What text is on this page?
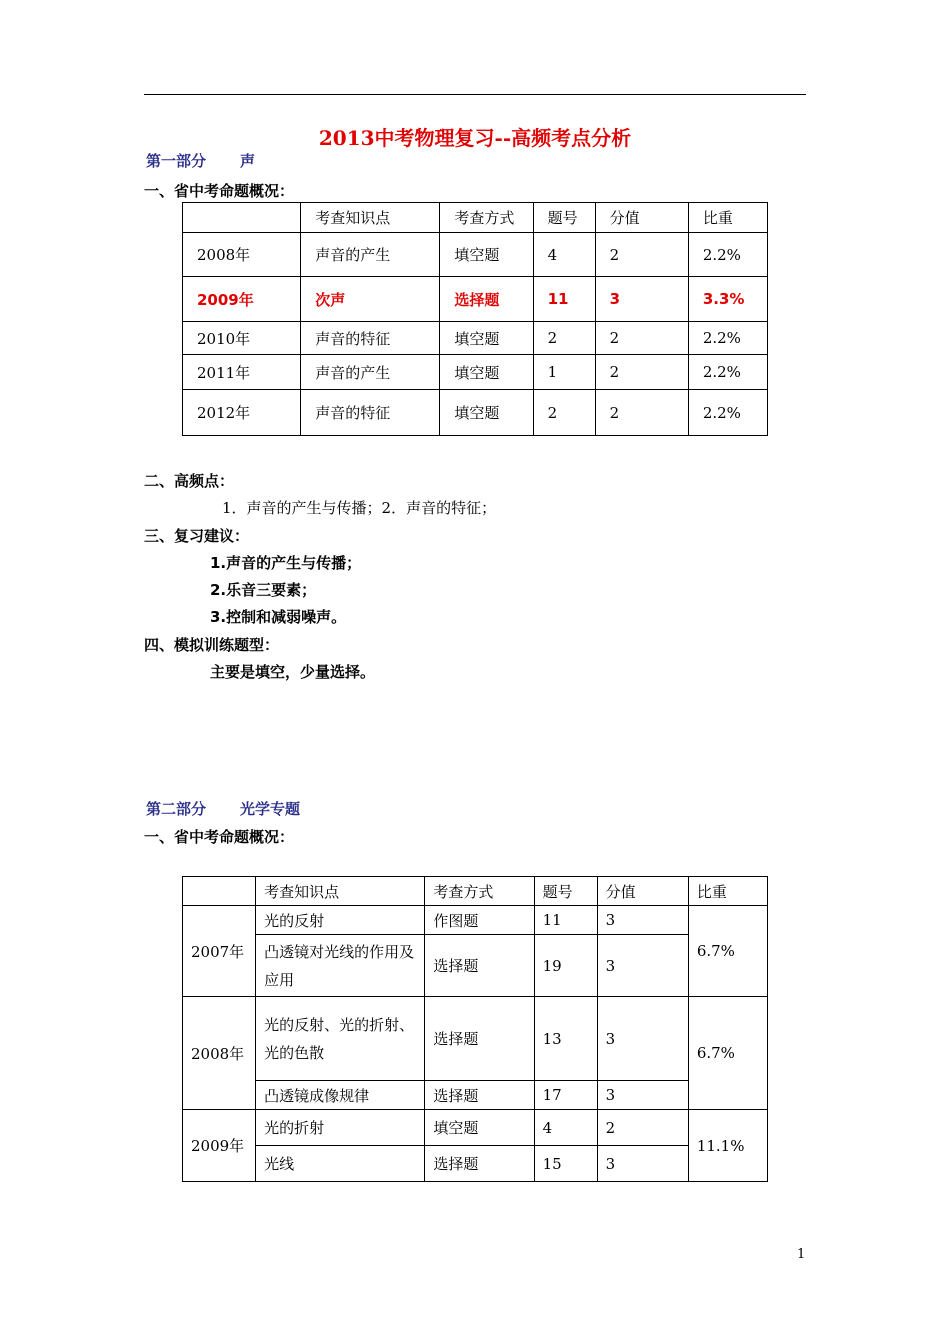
2013中考物理复习--高频考点分析
第一部分 声
一、省中考命题概况：
	考查知识点	考查方式	题号	分值	比重
2008年	声音的产生	填空题	4	2	2.2%
2009年	次声	选择题	11	3	3.3%
2010年	声音的特征	填空题	2	2	2.2%
2011年	声音的产生	填空题	1	2	2.2%
2012年	声音的特征	填空题	2	2	2.2%
二、高频点：
1．声音的产生与传播；2．声音的特征；
三、复习建议：
1.声音的产生与传播；
2.乐音三要素；
3.控制和减弱噪声。
四、模拟训练题型：
主要是填空，少量选择。
第二部分 光学专题
一、省中考命题概况：
	考查知识点	考查方式	题号	分值	比重
2007年	光的反射	作图题	11	3	6.7%
	凸透镜对光线的作用及应用	选择题	19	3	
2008年	光的反射、光的折射、光的色散	选择题	13	3	6.7%
	凸透镜成像规律	选择题	17	3	
2009年	光的折射	填空题	4	2	11.1%
	光线	选择题	15	3	
1
